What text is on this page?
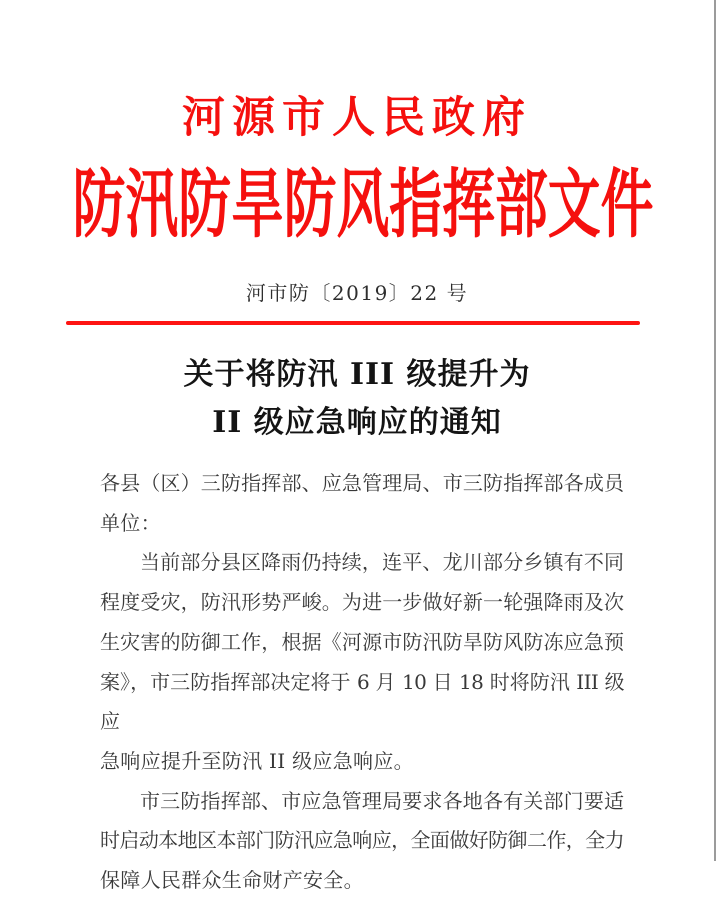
河源市人民政府
防汛防旱防风指挥部文件
河市防〔2019〕22 号
关于将防汛 III 级提升为
II 级应急响应的通知
各县（区）三防指挥部、应急管理局、市三防指挥部各成员
单位：
当前部分县区降雨仍持续，连平、龙川部分乡镇有不同
程度受灾，防汛形势严峻。为进一步做好新一轮强降雨及次
生灾害的防御工作，根据《河源市防汛防旱防风防冻应急预
案》，市三防指挥部决定将于 6 月 10 日 18 时将防汛 III 级应
急响应提升至防汛 II 级应急响应。
市三防指挥部、市应急管理局要求各地各有关部门要适
时启动本地区本部门防汛应急响应，全面做好防御二作，全力
保障人民群众生命财产安全。
